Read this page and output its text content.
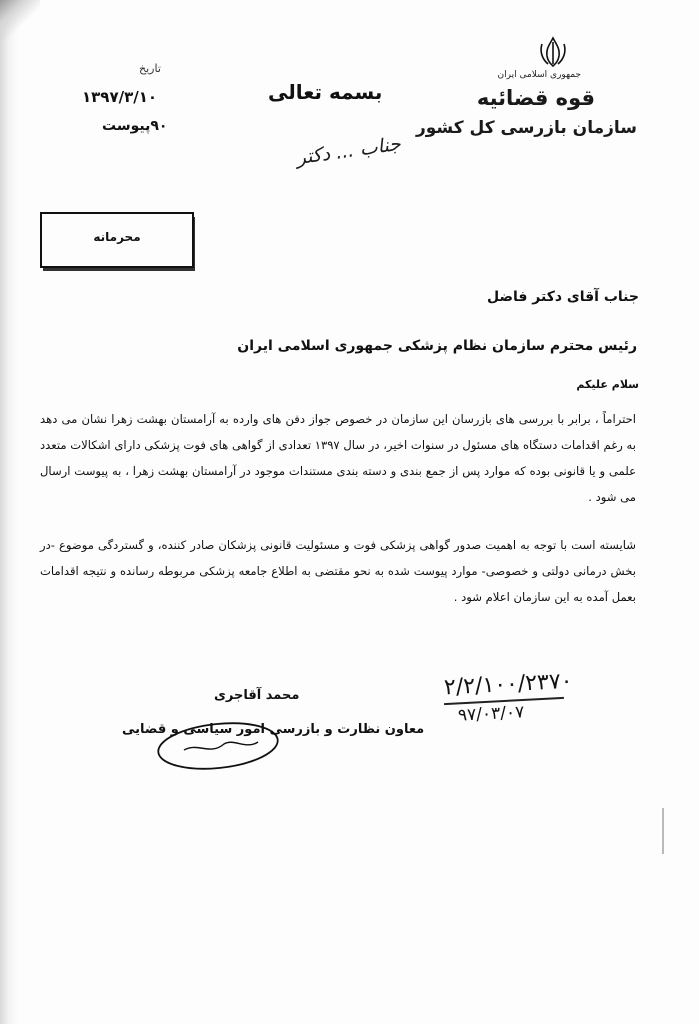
جمهوری اسلامی ایران
قوه قضائیه
سازمان بازرسی کل کشور
بسمه تعالی
جناب ... دکتر
تاریخ
۱۳۹۷/۳/۱۰
۹۰پیوست
محرمانه
جناب آقای دکتر فاضل
رئیس محترم سازمان نظام پزشکی جمهوری اسلامی ایران
سلام علیکم
احتراماً ، برابر با بررسی های بازرسان این سازمان در خصوص جواز دفن های وارده به آرامستان بهشت زهرا نشان می دهد به رغم اقدامات دستگاه های مسئول در سنوات اخیر، در سال ۱۳۹۷ تعدادی از گواهی های فوت پزشکی دارای اشکالات متعدد علمی و یا قانونی بوده که موارد پس از جمع بندی و دسته بندی مستندات موجود در آرامستان بهشت زهرا ، به پیوست ارسال می شود .
شایسته است با توجه به اهمیت صدور گواهی پزشکی فوت و مسئولیت قانونی پزشکان صادر کننده، و گستردگی موضوع -در بخش درمانی دولتی و خصوصی- موارد پیوست شده به نحو مقتضی به اطلاع جامعه پزشکی مربوطه رسانده و نتیجه اقدامات بعمل آمده به این سازمان اعلام شود .
۲/۲/۱۰۰/۲۳۷۰
۹۷/۰۳/۰۷
محمد آقاجری
معاون نظارت و بازرسی امور سیاسی و قضایی
